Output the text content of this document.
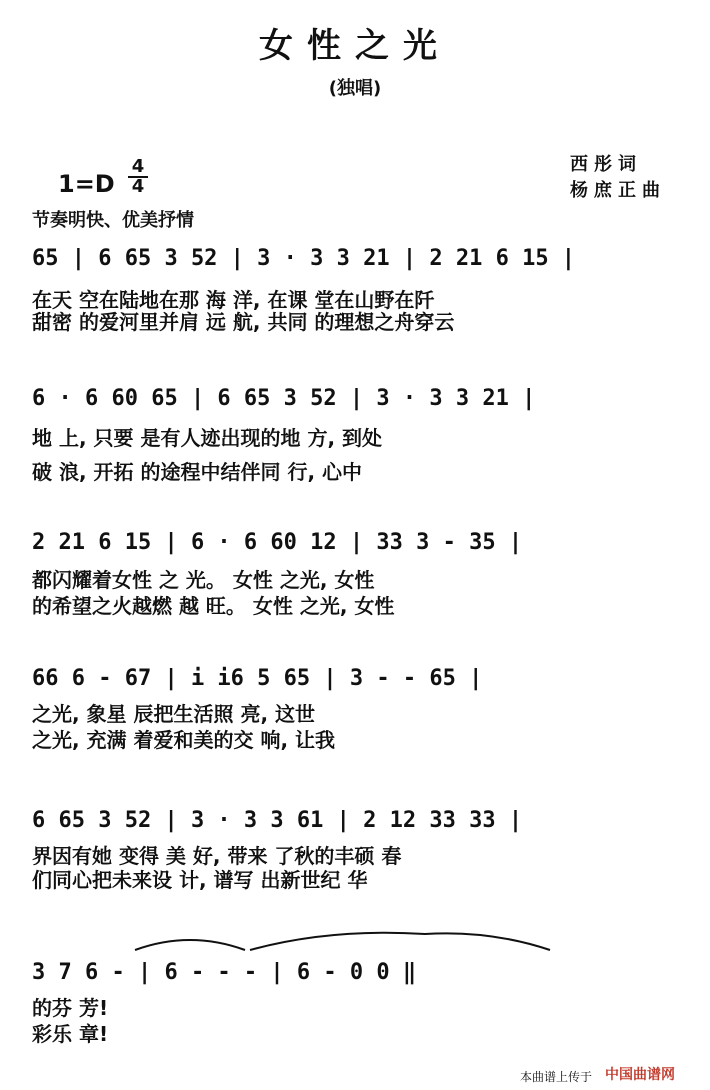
女性之光
(独唱)
1=D
4
4
西彤词
杨庶正曲
节奏明快、优美抒情
65 | 6 65 3 52 | 3 · 3 3 21 | 2 21 6 15 |
在天 空在陆地在那 海 洋, 在课 堂在山野在阡
甜密 的爱河里并肩 远 航, 共同 的理想之舟穿云
6 · 6 60 65 | 6 65 3 52 | 3 · 3 3 21 |
地 上, 只要 是有人迹出现的地 方, 到处
破 浪, 开拓 的途程中结伴同 行, 心中
2 21 6 15 | 6 · 6 60 12 | 33 3 - 35 |
都闪耀着女性 之 光。 女性 之光, 女性
的希望之火越燃 越 旺。 女性 之光, 女性
66 6 - 67 | i i6 5 65 | 3 - - 65 |
之光, 象星 辰把生活照 亮, 这世
之光, 充满 着爱和美的交 响, 让我
6 65 3 52 | 3 · 3 3 61 | 2 12 33 33 |
界因有她 变得 美 好, 带来 了秋的丰硕 春
们同心把未来设 计, 谱写 出新世纪 华
3 7 6 - | 6 - - - | 6 - 0 0 ‖
的芬 芳!
彩乐 章!
本曲谱上传于 中国曲谱网
